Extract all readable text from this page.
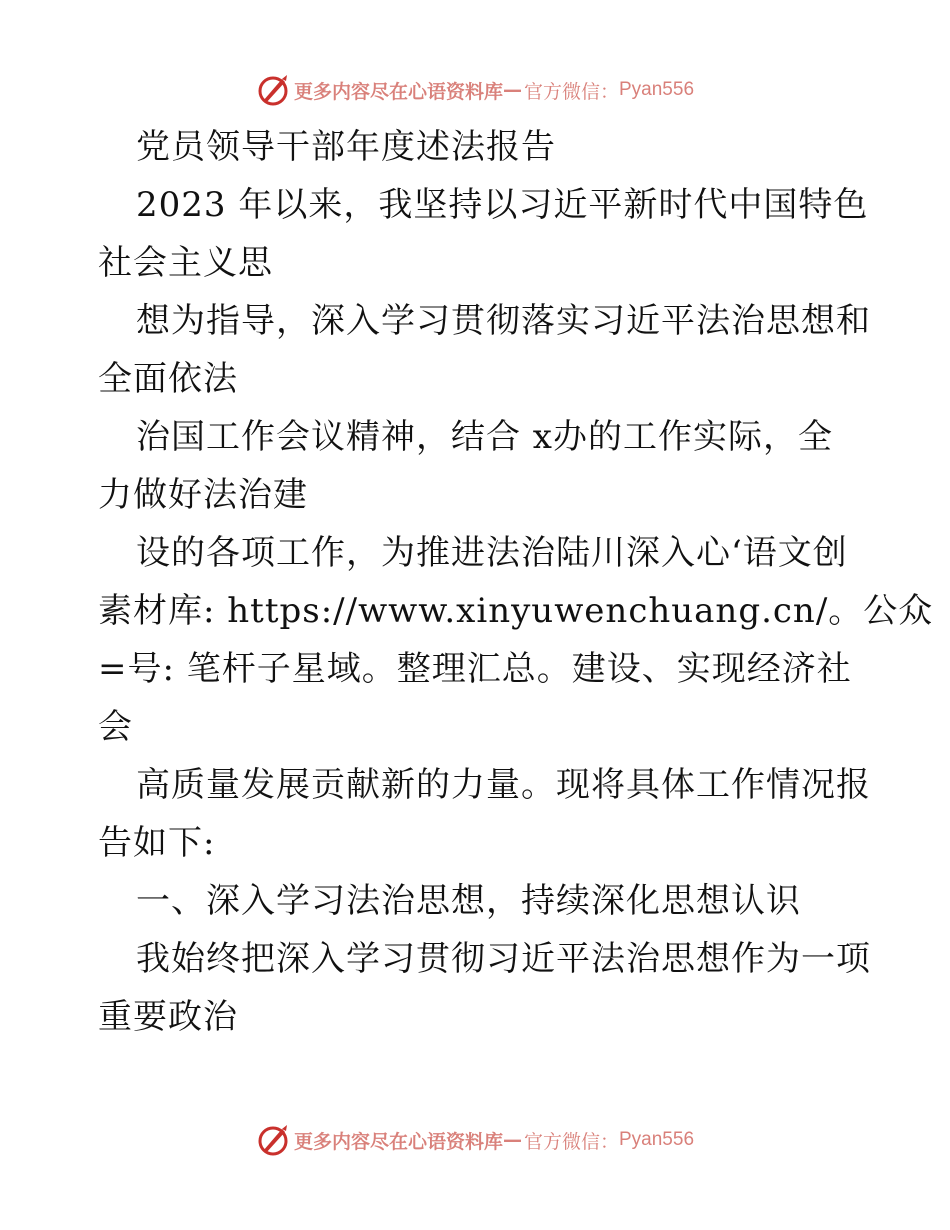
更多内容尽在心语资料库 — 官方微信： Pyan556
党员领导干部年度述法报告
2023 年以来，我坚持以习近平新时代中国特色
社会主义思
想为指导，深入学习贯彻落实习近平法治思想和
全面依法
治国工作会议精神，结合 x办的工作实际，全
力做好法治建
设的各项工作，为推进法治陆川深入心‘语文创
素材库: https://www.xinyuwenchuang.cn/。公众
=号: 笔杆子星域。整理汇总。建设、实现经济社
会
高质量发展贡献新的力量。现将具体工作情况报
告如下:
一、深入学习法治思想，持续深化思想认识
我始终把深入学习贯彻习近平法治思想作为一项
重要政治
更多内容尽在心语资料库 — 官方微信： Pyan556
